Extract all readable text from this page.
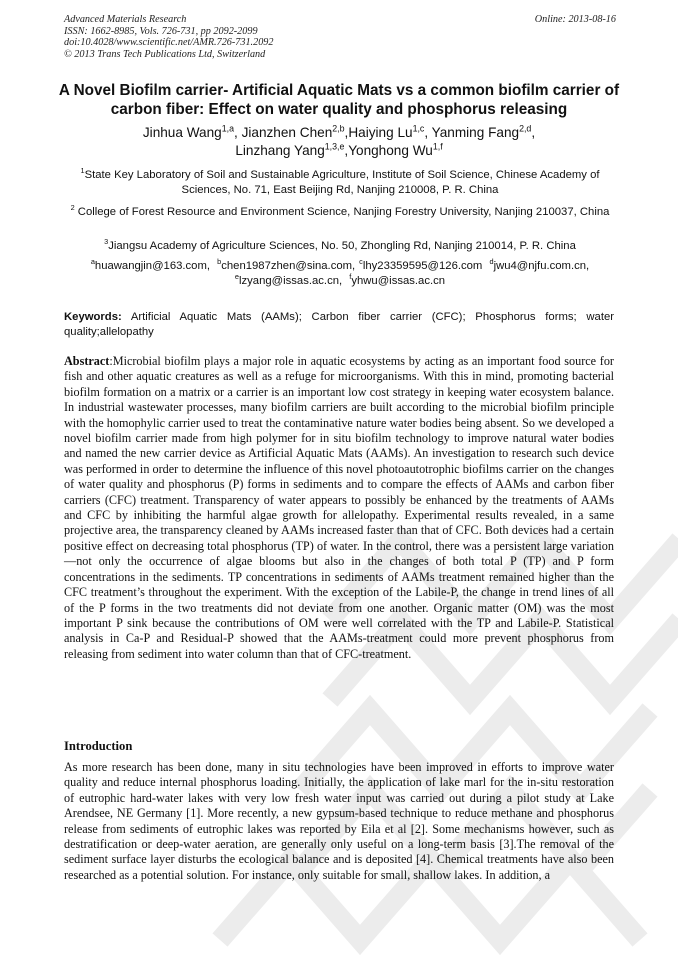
Advanced Materials Research
ISSN: 1662-8985, Vols. 726-731, pp 2092-2099
doi:10.4028/www.scientific.net/AMR.726-731.2092
© 2013 Trans Tech Publications Ltd, Switzerland
Online: 2013-08-16
A Novel Biofilm carrier- Artificial Aquatic Mats vs a common biofilm carrier of carbon fiber: Effect on water quality and phosphorus releasing
Jinhua Wang$^{1,a}$, Jianzhen Chen$^{2,b}$,Haiying Lu$^{1,c}$, Yanming Fang$^{2,d}$,
Linzhang Yang$^{1,3,e}$,Yonghong Wu$^{1,f}$
$^1$State Key Laboratory of Soil and Sustainable Agriculture, Institute of Soil Science, Chinese Academy of Sciences, No. 71, East Beijing Rd, Nanjing 210008, P. R. China
$^2$ College of Forest Resource and Environment Science, Nanjing Forestry University, Nanjing 210037, China
$^3$Jiangsu Academy of Agriculture Sciences, No. 50, Zhongling Rd, Nanjing 210014, P. R. China
$^a$huawangjin@163.com, $^b$chen1987zhen@sina.com, $^c$lhy23359595@126.com $^d$jwu4@njfu.com.cn,
$^e$lzyang@issas.ac.cn, $^f$yhwu@issas.ac.cn
Keywords: Artificial Aquatic Mats (AAMs); Carbon fiber carrier (CFC); Phosphorus forms; water quality;allelopathy

Abstract:Microbial biofilm plays a major role in aquatic ecosystems by acting as an important food source for fish and other aquatic creatures as well as a refuge for microorganisms. With this in mind, promoting bacterial biofilm formation on a matrix or a carrier is an important low cost strategy in keeping water ecosystem balance. In industrial wastewater processes, many biofilm carriers are built according to the microbial biofilm principle with the homophylic carrier used to treat the contaminative nature water bodies being absent. So we developed a novel biofilm carrier made from high polymer for in situ biofilm technology to improve natural water bodies and named the new carrier device as Artificial Aquatic Mats (AAMs). An investigation to research such device was performed in order to determine the influence of this novel photoautotrophic biofilms carrier on the changes of water quality and phosphorus (P) forms in sediments and to compare the effects of AAMs and carbon fiber carriers (CFC) treatment. Transparency of water appears to possibly be enhanced by the treatments of AAMs and CFC by inhibiting the harmful algae growth for allelopathy. Experimental results revealed, in a same projective area, the transparency cleaned by AAMs increased faster than that of CFC. Both devices had a certain positive effect on decreasing total phosphorus (TP) of water. In the control, there was a persistent large variation—not only the occurrence of algae blooms but also in the changes of both total P (TP) and P form concentrations in the sediments. TP concentrations in sediments of AAMs treatment remained higher than the CFC treatment’s throughout the experiment. With the exception of the Labile-P, the change in trend lines of all of the P forms in the two treatments did not deviate from one another. Organic matter (OM) was the most important P sink because the contributions of OM were well correlated with the TP and Labile-P. Statistical analysis in Ca-P and Residual-P showed that the AAMs-treatment could more prevent phosphorus from releasing from sediment into water column than that of CFC-treatment.

Introduction
As more research has been done, many in situ technologies have been improved in efforts to improve water quality and reduce internal phosphorus loading. Initially, the application of lake marl for the in-situ restoration of eutrophic hard-water lakes with very low fresh water input was carried out during a pilot study at Lake Arendsee, NE Germany [1]. More recently, a new gypsum-based technique to reduce methane and phosphorus release from sediments of eutrophic lakes was reported by Eila et al [2]. Some mechanisms however, such as destratification or deep-water aeration, are generally only useful on a long-term basis [3].The removal of the sediment surface layer disturbs the ecological balance and is deposited [4]. Chemical treatments have also been researched as a potential solution. For instance, only suitable for small, shallow lakes. In addition, a
